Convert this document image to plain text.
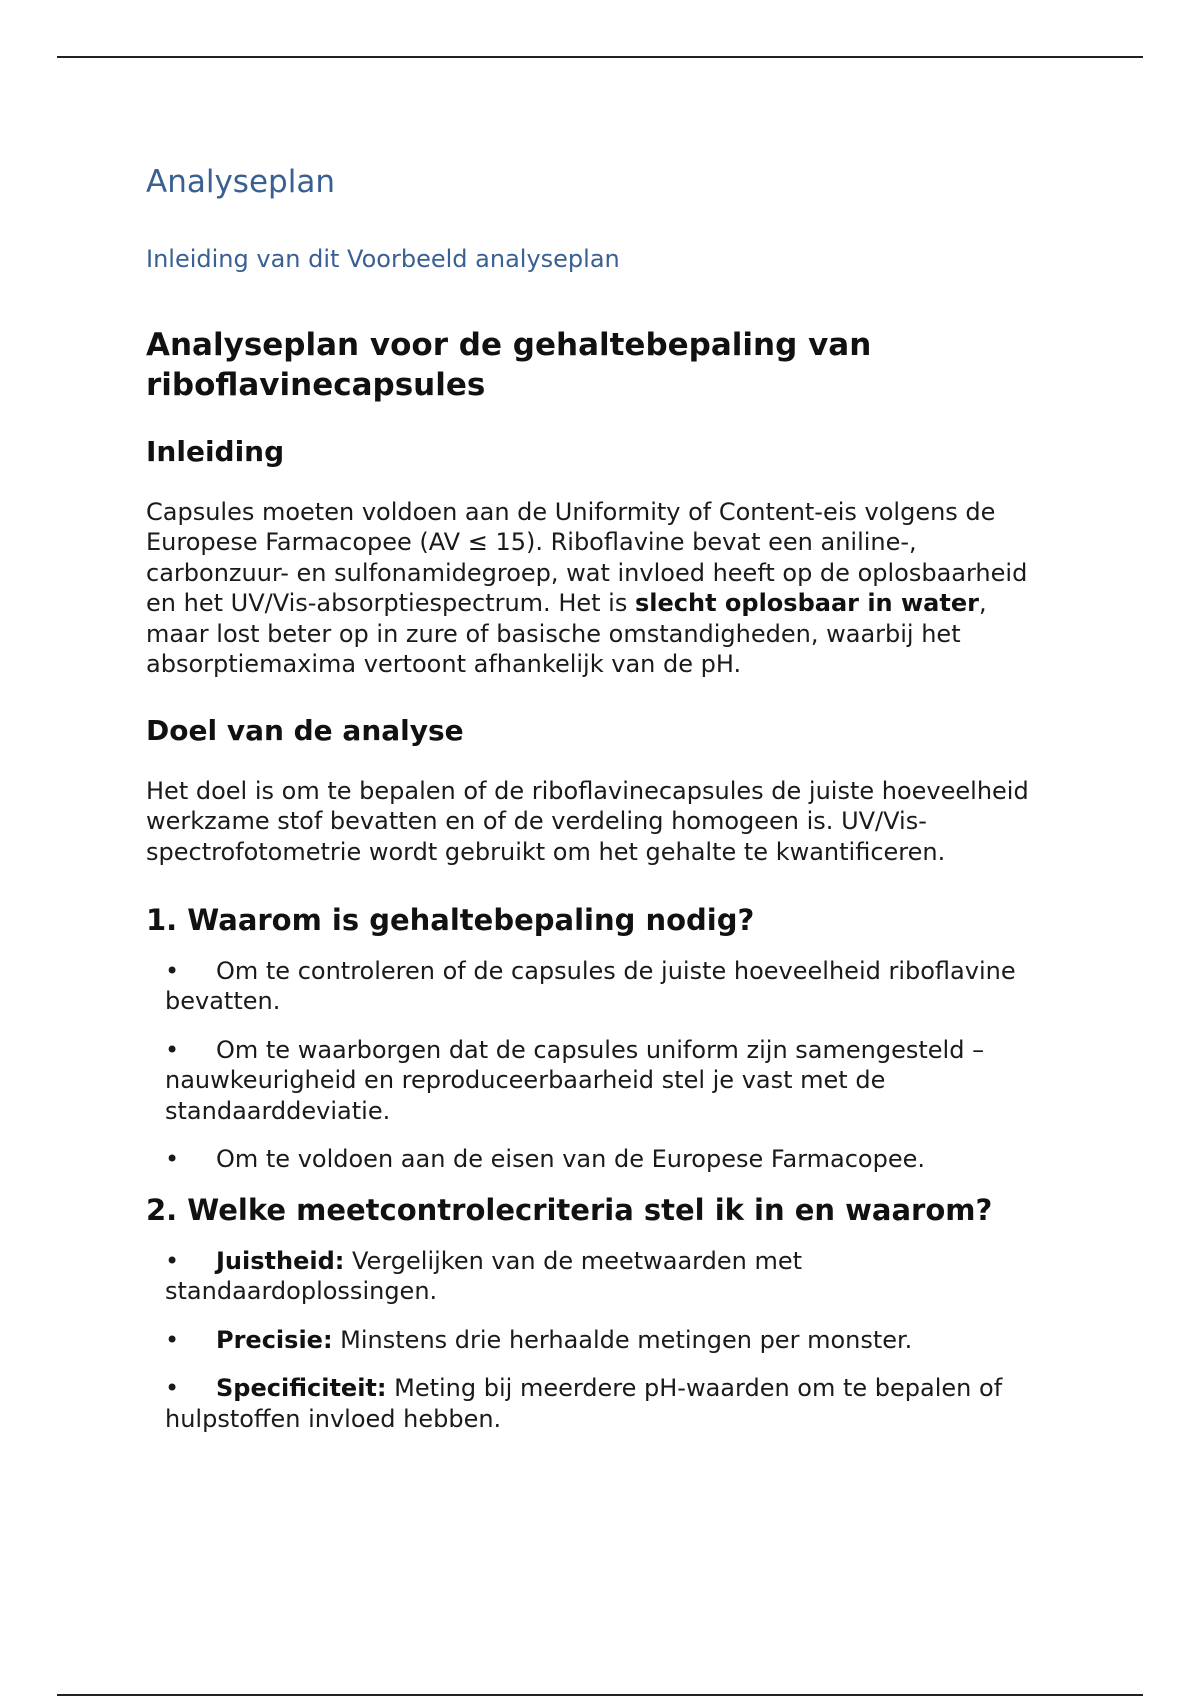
Analyseplan
Inleiding van dit Voorbeeld analyseplan
Analyseplan voor de gehaltebepaling van riboflavinecapsules
Inleiding

Capsules moeten voldoen aan de Uniformity of Content-eis volgens de Europese Farmacopee (AV ≤ 15). Riboflavine bevat een aniline-, carbonzuur- en sulfonamidegroep, wat invloed heeft op de oplosbaarheid en het UV/Vis-absorptiespectrum. Het is slecht oplosbaar in water, maar lost beter op in zure of basische omstandigheden, waarbij het absorptiemaxima vertoont afhankelijk van de pH.

Doel van de analyse

Het doel is om te bepalen of de riboflavinecapsules de juiste hoeveelheid werkzame stof bevatten en of de verdeling homogeen is. UV/Vis-spectrofotometrie wordt gebruikt om het gehalte te kwantificeren.

1. Waarom is gehaltebepaling nodig?
• Om te controleren of de capsules de juiste hoeveelheid riboflavine bevatten.
• Om te waarborgen dat de capsules uniform zijn samengesteld – nauwkeurigheid en reproduceerbaarheid stel je vast met de standaarddeviatie.
• Om te voldoen aan de eisen van de Europese Farmacopee.
2. Welke meetcontrolecriteria stel ik in en waarom?
• Juistheid: Vergelijken van de meetwaarden met standaardoplossingen.
• Precisie: Minstens drie herhaalde metingen per monster.
• Specificiteit: Meting bij meerdere pH-waarden om te bepalen of hulpstoffen invloed hebben.
